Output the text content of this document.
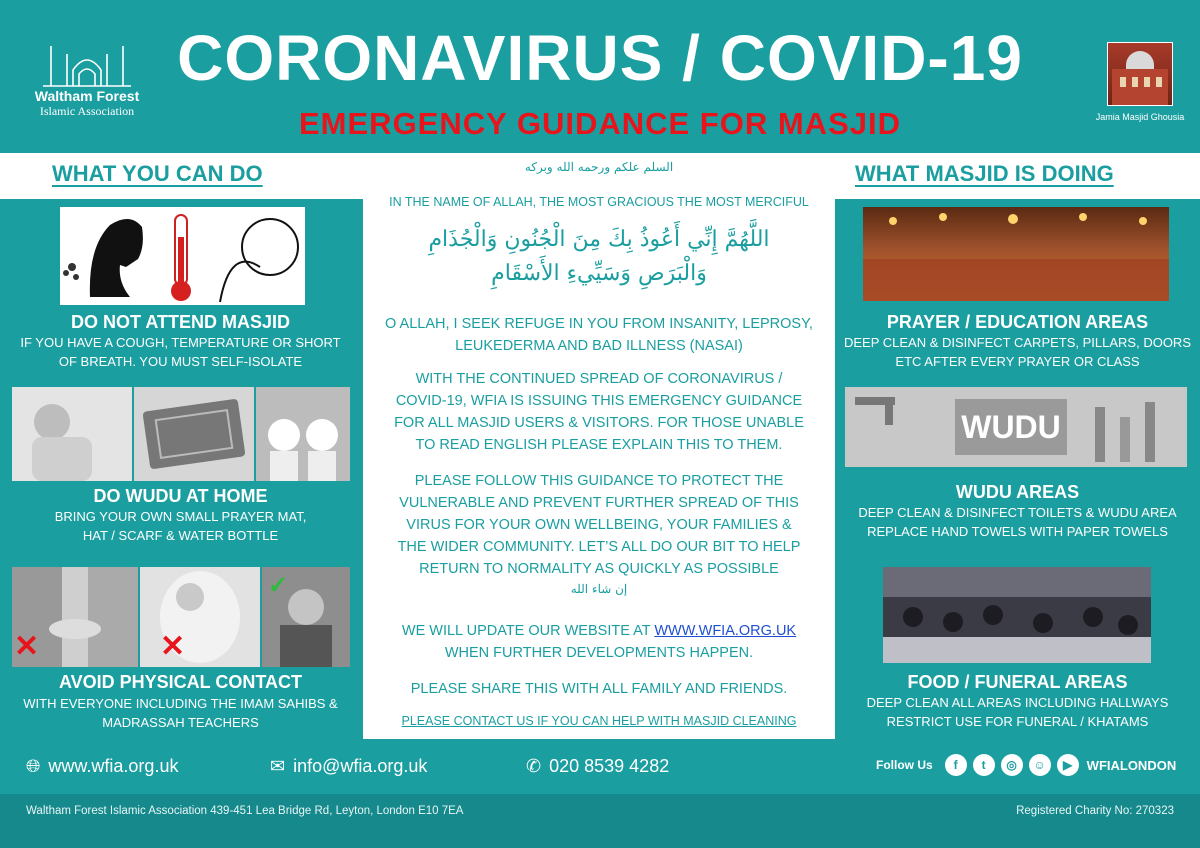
Waltham Forest
Islamic Association
CORONAVIRUS / COVID-19
EMERGENCY GUIDANCE FOR MASJID	Jamia Masjid Ghousia
WHAT YOU CAN DO	WHAT MASJID IS DOING
DO NOT ATTEND MASJID
IF YOU HAVE A COUGH, TEMPERATURE OR SHORT
OF BREATH. YOU MUST SELF-ISOLATE
DO WUDU AT HOME
BRING YOUR OWN SMALL PRAYER MAT,
HAT / SCARF & WATER BOTTLE
✕	✕
✓
AVOID PHYSICAL CONTACT
WITH EVERYONE INCLUDING THE IMAM SAHIBS &
MADRASSAH TEACHERS
PRAYER / EDUCATION AREAS
DEEP CLEAN & DISINFECT CARPETS, PILLARS, DOORS
ETC AFTER EVERY PRAYER OR CLASS
WUDU
WUDU AREAS
DEEP CLEAN & DISINFECT TOILETS & WUDU AREA
REPLACE HAND TOWELS WITH PAPER TOWELS
FOOD / FUNERAL AREAS
DEEP CLEAN ALL AREAS INCLUDING HALLWAYS
RESTRICT USE FOR FUNERAL / KHATAMS
السلم علكم ورحمه الله وبركه
IN THE NAME OF ALLAH, THE MOST GRACIOUS THE MOST MERCIFUL
اللَّهُمَّ إِنِّي أَعُوذُ بِكَ مِنَ الْجُنُونِ وَالْجُذَامِ
وَالْبَرَصِ وَسَيِّيءِ الأَسْقَامِ
O ALLAH, I SEEK REFUGE IN YOU FROM INSANITY, LEPROSY,
LEUKEDERMA AND BAD ILLNESS (NASAI)
WITH THE CONTINUED SPREAD OF CORONAVIRUS /
COVID-19, WFIA IS ISSUING THIS EMERGENCY GUIDANCE
FOR ALL MASJID USERS & VISITORS. FOR THOSE UNABLE
TO READ ENGLISH PLEASE EXPLAIN THIS TO THEM.
PLEASE FOLLOW THIS GUIDANCE TO PROTECT THE
VULNERABLE AND PREVENT FURTHER SPREAD OF THIS
VIRUS FOR YOUR OWN WELLBEING, YOUR FAMILIES &
THE WIDER COMMUNITY. LET’S ALL DO OUR BIT TO HELP
RETURN TO NORMALITY AS QUICKLY AS POSSIBLE
إن شاء الله
WE WILL UPDATE OUR WEBSITE AT WWW.WFIA.ORG.UK
WHEN FURTHER DEVELOPMENTS HAPPEN.
PLEASE SHARE THIS WITH ALL FAMILY AND FRIENDS.
PLEASE CONTACT US IF YOU CAN HELP WITH MASJID CLEANING
🌐︎ www.wfia.org.uk	✉ info@wfia.org.uk	✆ 020 8539 4282	Follow Us	f	t	◎	☺	▶	WFIALONDON
Waltham Forest Islamic Association 439-451 Lea Bridge Rd, Leyton, London E10 7EA	Registered Charity No: 270323
